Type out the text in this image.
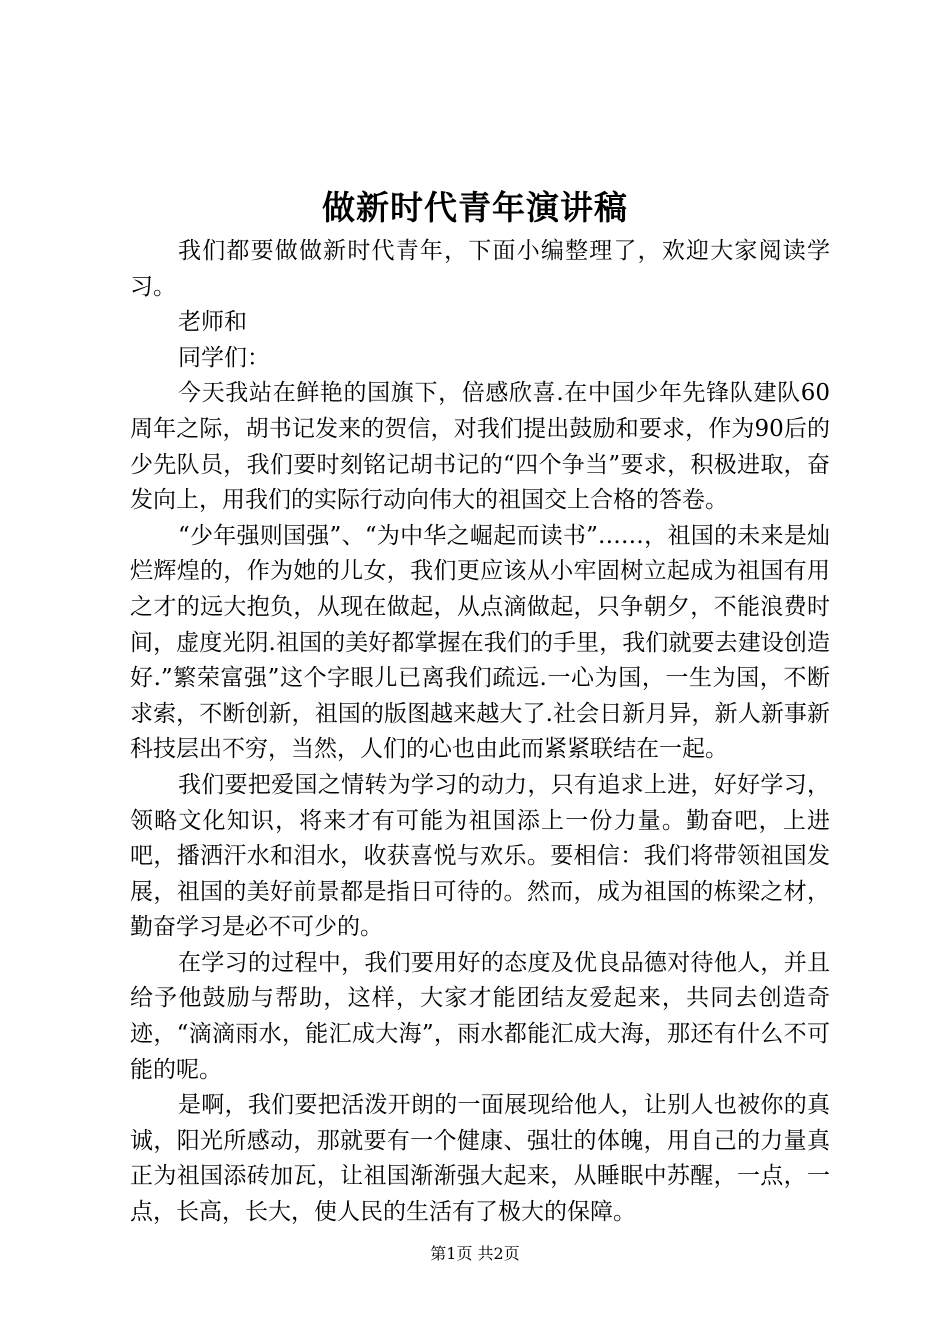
做新时代青年演讲稿

我们都要做做新时代青年，下面小编整理了，欢迎大家阅读学习。

老师和

同学们：

今天我站在鲜艳的国旗下，倍感欣喜.在中国少年先锋队建队60周年之际，胡书记发来的贺信，对我们提出鼓励和要求，作为90后的少先队员，我们要时刻铭记胡书记的“四个争当”要求，积极进取，奋发向上，用我们的实际行动向伟大的祖国交上合格的答卷。

“少年强则国强”、“为中华之崛起而读书”……，祖国的未来是灿烂辉煌的，作为她的儿女，我们更应该从小牢固树立起成为祖国有用之才的远大抱负，从现在做起，从点滴做起，只争朝夕，不能浪费时间，虚度光阴.祖国的美好都掌握在我们的手里，我们就要去建设创造好.”繁荣富强”这个字眼儿已离我们疏远.一心为国，一生为国，不断求索，不断创新，祖国的版图越来越大了.社会日新月异，新人新事新科技层出不穷，当然，人们的心也由此而紧紧联结在一起。

我们要把爱国之情转为学习的动力，只有追求上进，好好学习，领略文化知识，将来才有可能为祖国添上一份力量。勤奋吧，上进吧，播洒汗水和泪水，收获喜悦与欢乐。要相信：我们将带领祖国发展，祖国的美好前景都是指日可待的。然而，成为祖国的栋梁之材，勤奋学习是必不可少的。

在学习的过程中，我们要用好的态度及优良品德对待他人，并且给予他鼓励与帮助，这样，大家才能团结友爱起来，共同去创造奇迹，“滴滴雨水，能汇成大海”，雨水都能汇成大海，那还有什么不可能的呢。

是啊，我们要把活泼开朗的一面展现给他人，让别人也被你的真诚，阳光所感动，那就要有一个健康、强壮的体魄，用自己的力量真正为祖国添砖加瓦，让祖国渐渐强大起来，从睡眠中苏醒，一点，一点，长高，长大，使人民的生活有了极大的保障。

第1页 共2页
